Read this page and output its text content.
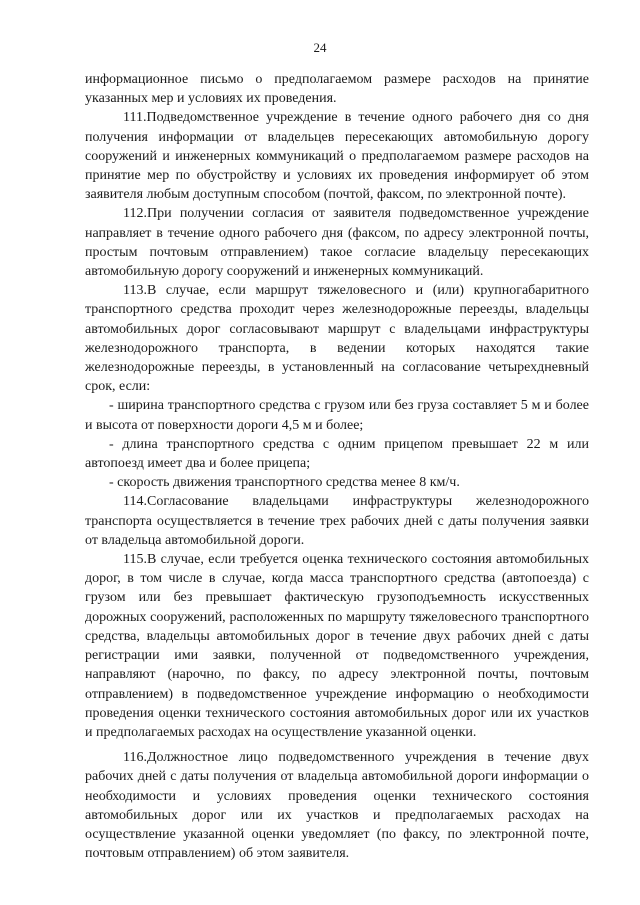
24

информационное письмо о предполагаемом размере расходов на принятие указанных мер и условиях их проведения.

111.Подведомственное учреждение в течение одного рабочего дня со дня получения информации от владельцев пересекающих автомобильную дорогу сооружений и инженерных коммуникаций о предполагаемом размере расходов на принятие мер по обустройству и условиях их проведения информирует об этом заявителя любым доступным способом (почтой, факсом, по электронной почте).

112.При получении согласия от заявителя подведомственное учреждение направляет в течение одного рабочего дня (факсом, по адресу электронной почты, простым почтовым отправлением) такое согласие владельцу пересекающих автомобильную дорогу сооружений и инженерных коммуникаций.

113.В случае, если маршрут тяжеловесного и (или) крупногабаритного транспортного средства проходит через железнодорожные переезды, владельцы автомобильных дорог согласовывают маршрут с владельцами инфраструктуры железнодорожного транспорта, в ведении которых находятся такие железнодорожные переезды, в установленный на согласование четырехдневный срок, если:

- ширина транспортного средства с грузом или без груза составляет 5 м и более и высота от поверхности дороги 4,5 м и более;

- длина транспортного средства с одним прицепом превышает 22 м или автопоезд имеет два и более прицепа;

- скорость движения транспортного средства менее 8 км/ч.

114.Согласование владельцами инфраструктуры железнодорожного транспорта осуществляется в течение трех рабочих дней с даты получения заявки от владельца автомобильной дороги.

115.В случае, если требуется оценка технического состояния автомобильных дорог, в том числе в случае, когда масса транспортного средства (автопоезда) с грузом или без превышает фактическую грузоподъемность искусственных дорожных сооружений, расположенных по маршруту тяжеловесного транспортного средства, владельцы автомобильных дорог в течение двух рабочих дней с даты регистрации ими заявки, полученной от подведомственного учреждения, направляют (нарочно, по факсу, по адресу электронной почты, почтовым отправлением) в подведомственное учреждение информацию о необходимости проведения оценки технического состояния автомобильных дорог или их участков и предполагаемых расходах на осуществление указанной оценки.

116.Должностное лицо подведомственного учреждения в течение двух рабочих дней с даты получения от владельца автомобильной дороги информации о необходимости и условиях проведения оценки технического состояния автомобильных дорог или их участков и предполагаемых расходах на осуществление указанной оценки уведомляет (по факсу, по электронной почте, почтовым отправлением) об этом заявителя.
